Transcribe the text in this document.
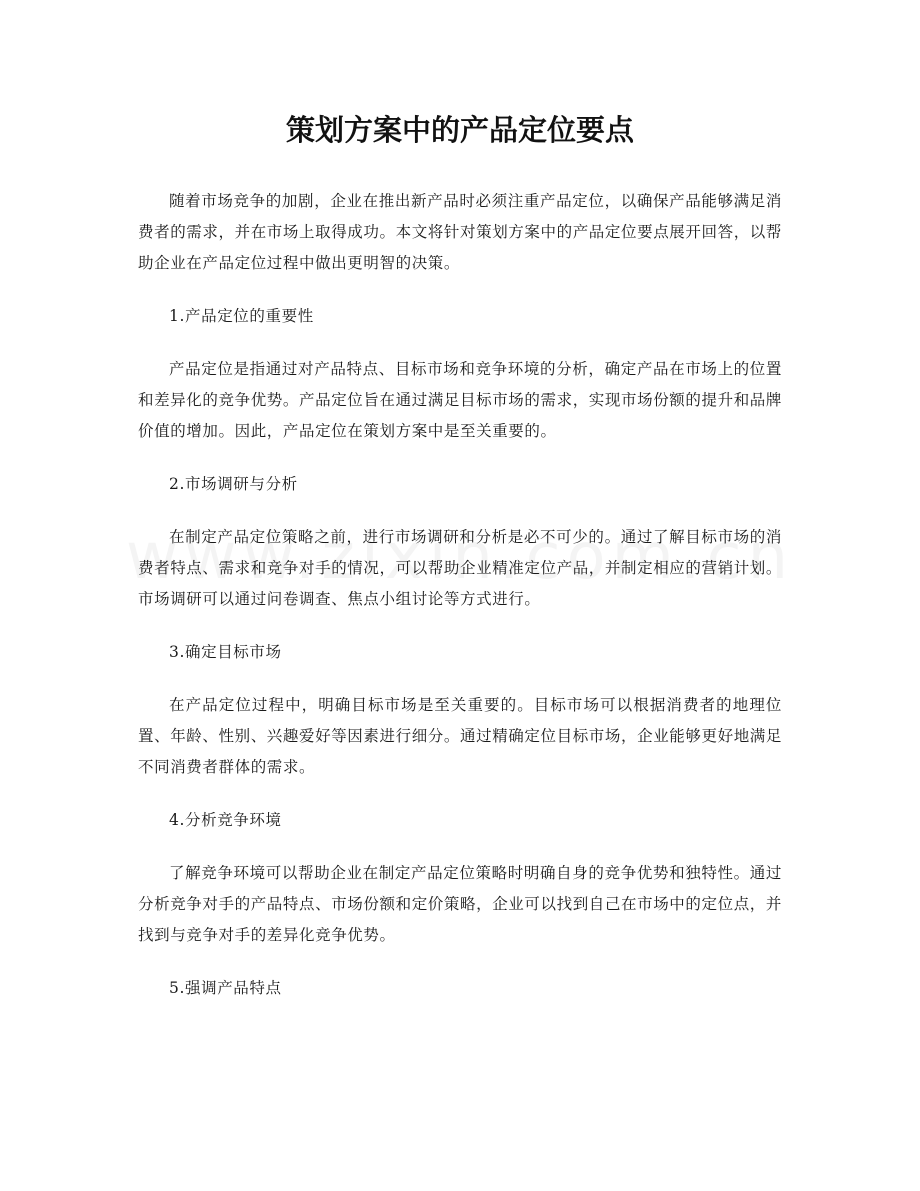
策划方案中的产品定位要点

随着市场竞争的加剧，企业在推出新产品时必须注重产品定位，以确保产品能够满足消费者的需求，并在市场上取得成功。本文将针对策划方案中的产品定位要点展开回答，以帮助企业在产品定位过程中做出更明智的决策。

1.产品定位的重要性

产品定位是指通过对产品特点、目标市场和竞争环境的分析，确定产品在市场上的位置和差异化的竞争优势。产品定位旨在通过满足目标市场的需求，实现市场份额的提升和品牌价值的增加。因此，产品定位在策划方案中是至关重要的。

2.市场调研与分析

在制定产品定位策略之前，进行市场调研和分析是必不可少的。通过了解目标市场的消费者特点、需求和竞争对手的情况，可以帮助企业精准定位产品，并制定相应的营销计划。市场调研可以通过问卷调查、焦点小组讨论等方式进行。

3.确定目标市场

在产品定位过程中，明确目标市场是至关重要的。目标市场可以根据消费者的地理位置、年龄、性别、兴趣爱好等因素进行细分。通过精确定位目标市场，企业能够更好地满足不同消费者群体的需求。

4.分析竞争环境

了解竞争环境可以帮助企业在制定产品定位策略时明确自身的竞争优势和独特性。通过分析竞争对手的产品特点、市场份额和定价策略，企业可以找到自己在市场中的定位点，并找到与竞争对手的差异化竞争优势。

5.强调产品特点
